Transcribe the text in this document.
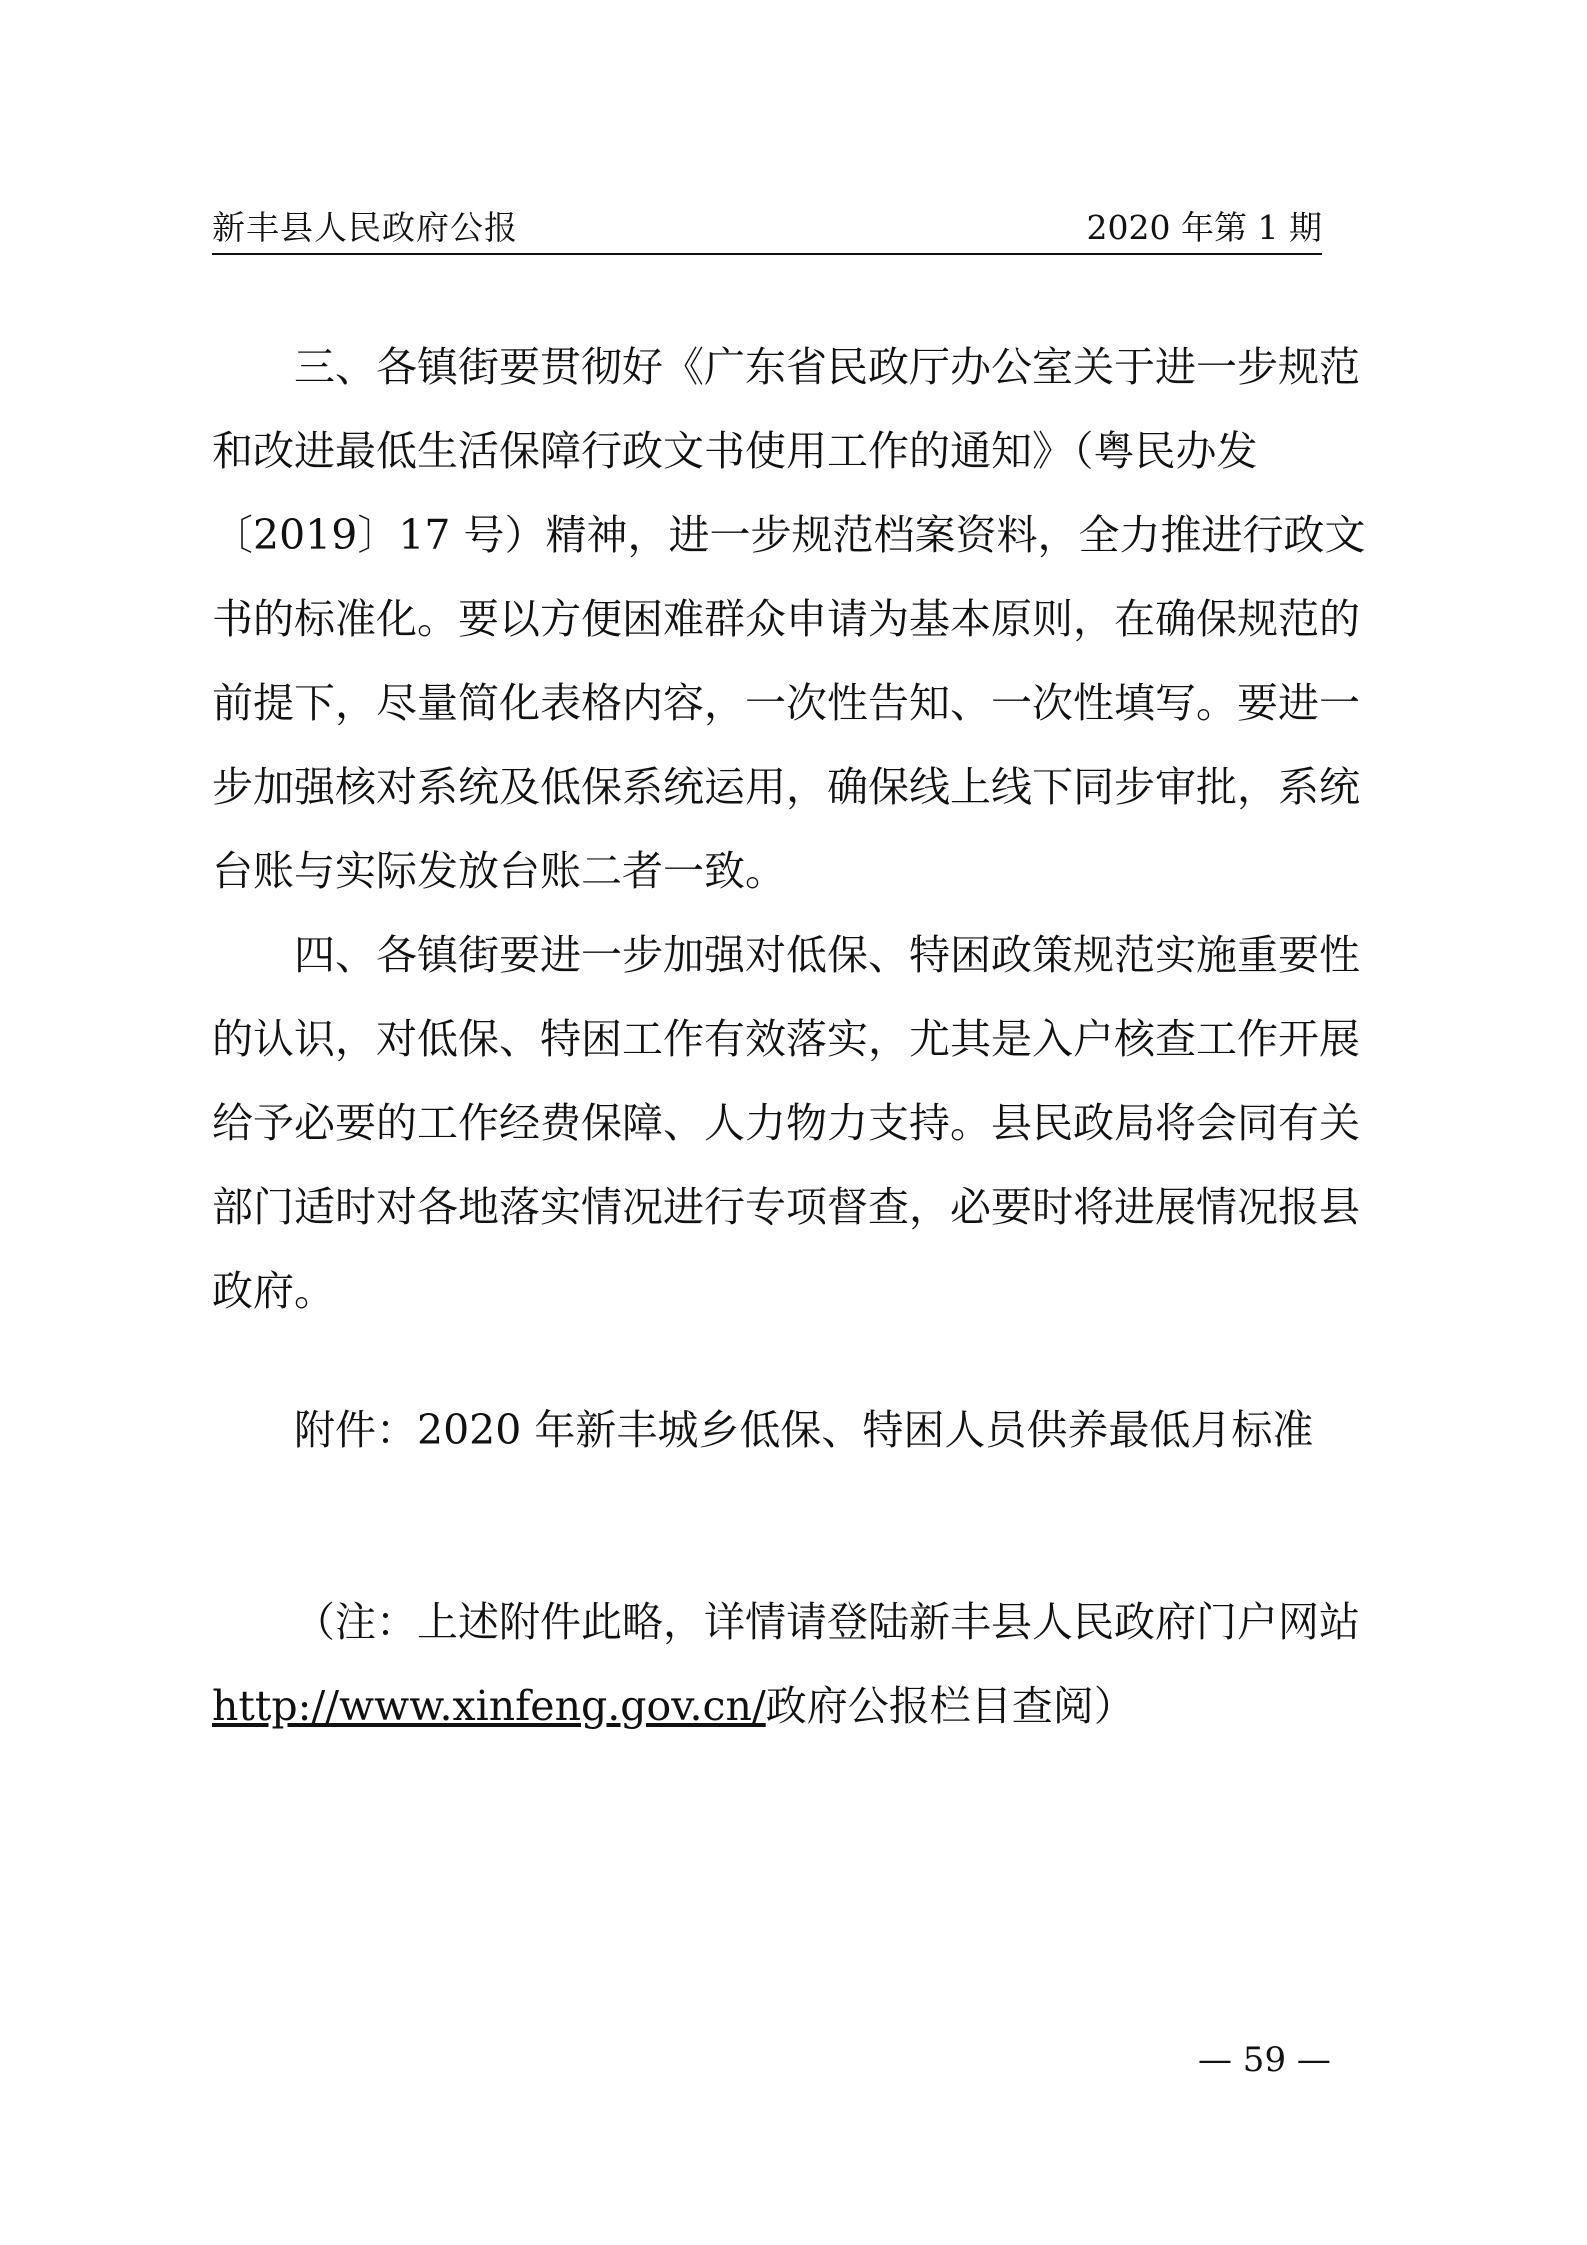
新丰县人民政府公报	2020 年第 1 期
三、各镇街要贯彻好《广东省民政厅办公室关于进一步规范
和改进最低生活保障行政文书使用工作的通知》（粤民办发
〔2019〕17 号）精神，进一步规范档案资料，全力推进行政文
书的标准化。要以方便困难群众申请为基本原则，在确保规范的
前提下，尽量简化表格内容，一次性告知、一次性填写。要进一
步加强核对系统及低保系统运用，确保线上线下同步审批，系统
台账与实际发放台账二者一致。
四、各镇街要进一步加强对低保、特困政策规范实施重要性
的认识，对低保、特困工作有效落实，尤其是入户核查工作开展
给予必要的工作经费保障、人力物力支持。县民政局将会同有关
部门适时对各地落实情况进行专项督查，必要时将进展情况报县
政府。
附件：2020 年新丰城乡低保、特困人员供养最低月标准
（注：上述附件此略，详情请登陆新丰县人民政府门户网站
http://www.xinfeng.gov.cn/政府公报栏目查阅）
— 59 —
